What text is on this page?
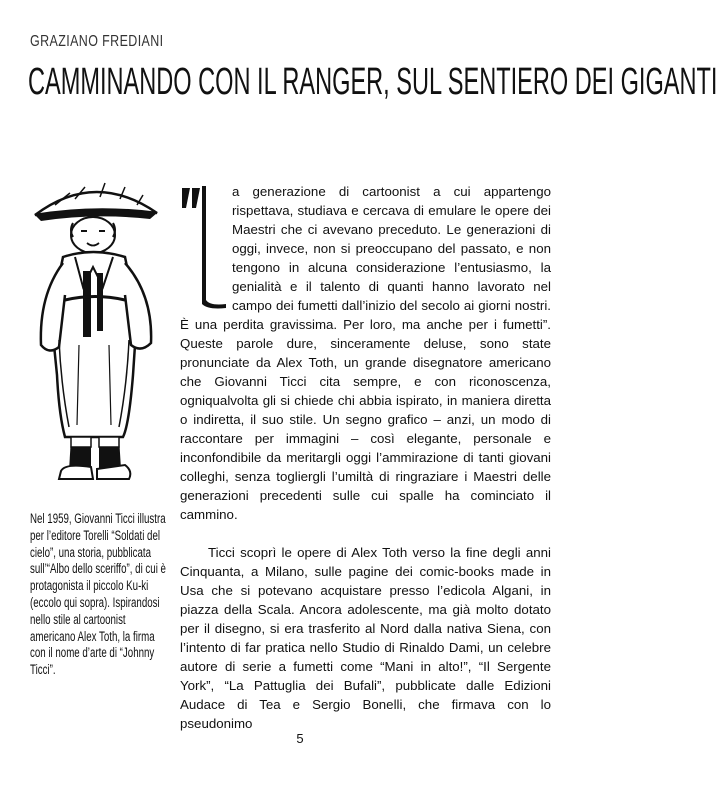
GRAZIANO FREDIANI
CAMMINANDO CON IL RANGER, SUL SENTIERO DEI GIGANTI

Nel 1959, Giovanni Ticci illustra per l’editore Torelli “Soldati del cielo”, una storia, pubblicata sull’“Albo dello sceriffo”, di cui è protagonista il piccolo Ku-ki (eccolo qui sopra). Ispirandosi nello stile al cartoonist americano Alex Toth, la firma con il nome d’arte di “Johnny Ticci”.

L
a generazione di cartoonist a cui appartengo rispettava, studiava e cercava di emulare le opere dei Maestri che ci avevano preceduto. Le generazioni di oggi, invece, non si preoccupano del passato, e non tengono in alcuna considerazione l’entusiasmo, la genialità e il talento di quanti hanno lavorato nel campo dei fumetti dall’inizio del secolo ai giorni nostri. È una perdita gravissima. Per loro, ma anche per i fumetti”. Queste parole dure, sinceramente deluse, sono state pronunciate da Alex Toth, un grande disegnatore americano che Giovanni Ticci cita sempre, e con riconoscenza, ogniqualvolta gli si chiede chi abbia ispirato, in maniera diretta o indiretta, il suo stile. Un segno grafico – anzi, un modo di raccontare per immagini – così elegante, personale e inconfondibile da meritargli oggi l’ammirazione di tanti giovani colleghi, senza togliergli l’umiltà di ringraziare i Maestri delle generazioni precedenti sulle cui spalle ha cominciato il cammino.

Ticci scoprì le opere di Alex Toth verso la fine degli anni Cinquanta, a Milano, sulle pagine dei comic-books made in Usa che si potevano acquistare presso l’edicola Algani, in piazza della Scala. Ancora adolescente, ma già molto dotato per il disegno, si era trasferito al Nord dalla nativa Siena, con l’intento di far pratica nello Studio di Rinaldo Dami, un celebre autore di serie a fumetti come “Mani in alto!”, “Il Sergente York”, “La Pattuglia dei Bufali”, pubblicate dalle Edizioni Audace di Tea e Sergio Bonelli, che firmava con lo pseudonimo

5
